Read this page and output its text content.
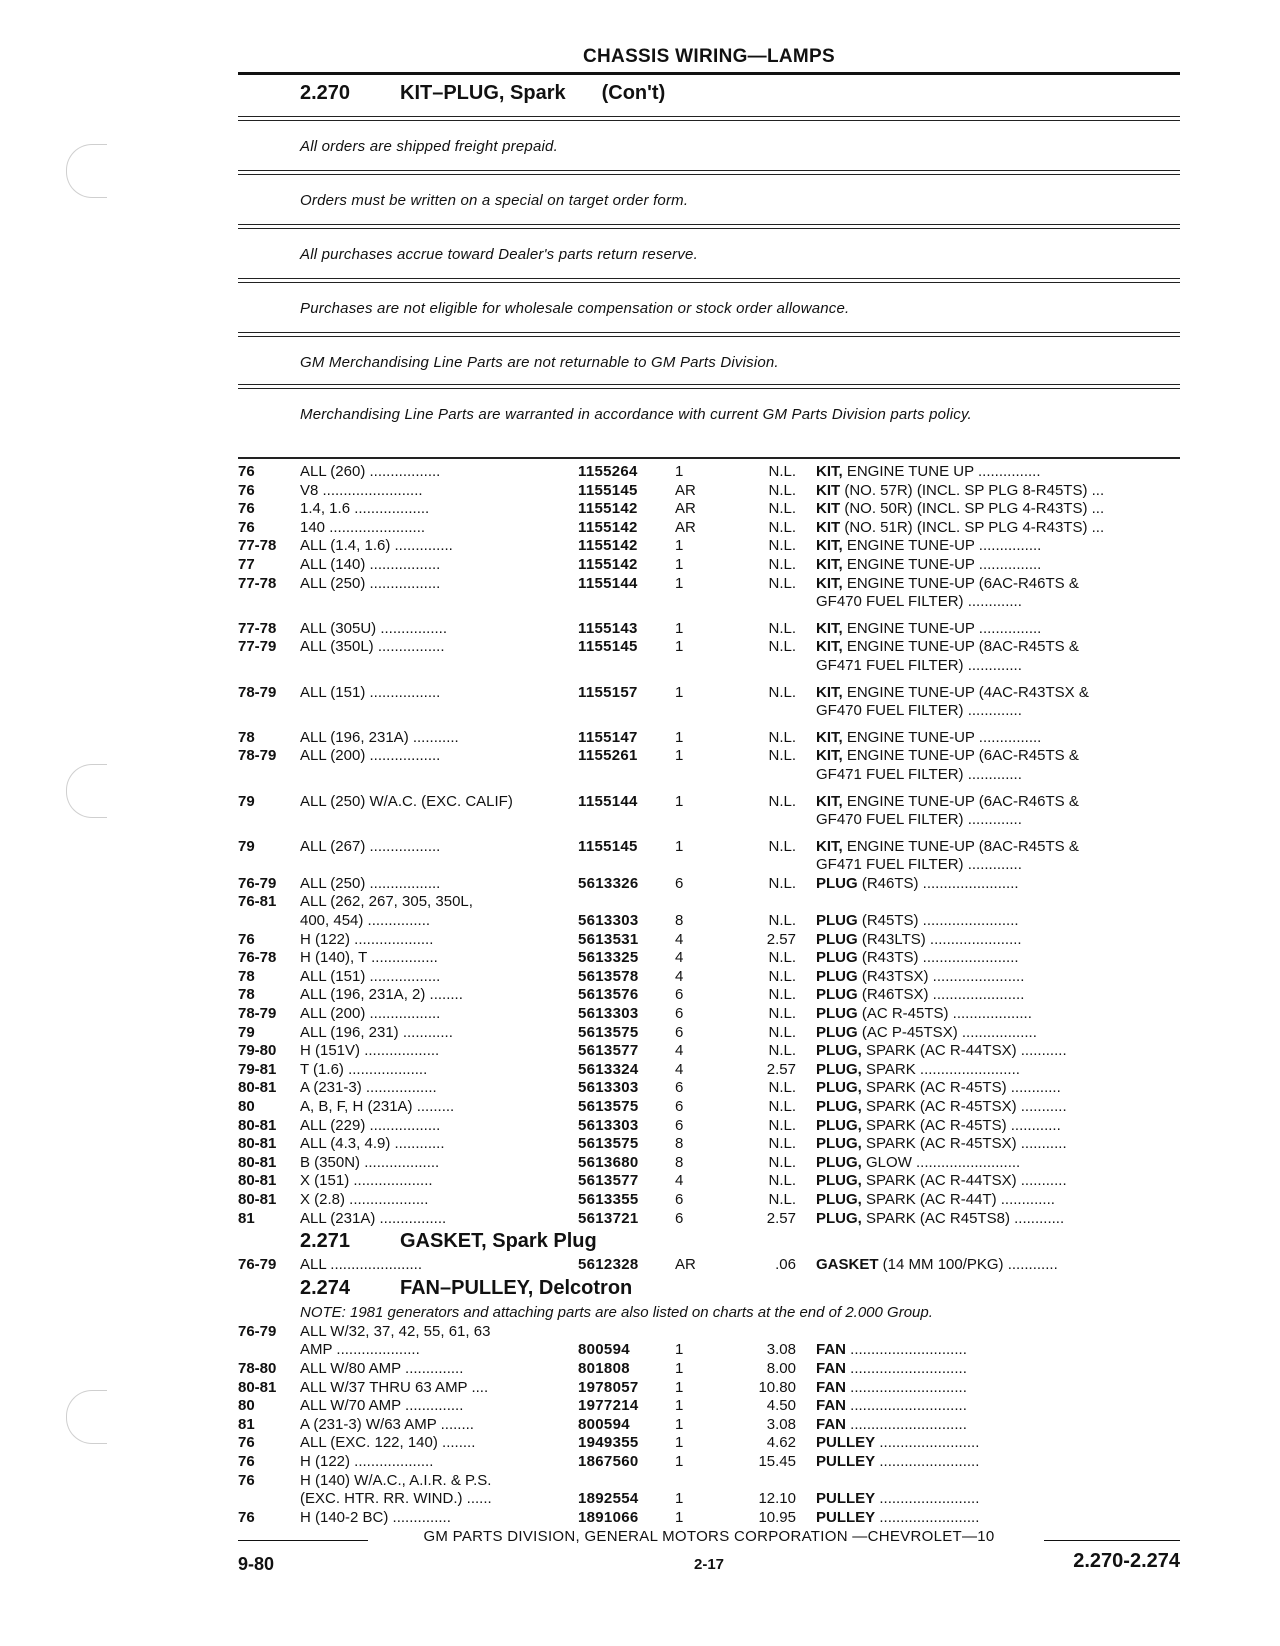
CHASSIS WIRING—LAMPS
2.270 KIT–PLUG, Spark (Con't)
All orders are shipped freight prepaid.
Orders must be written on a special on target order form.
All purchases accrue toward Dealer's parts return reserve.
Purchases are not eligible for wholesale compensation or stock order allowance.
GM Merchandising Line Parts are not returnable to GM Parts Division.
Merchandising Line Parts are warranted in accordance with current GM Parts Division parts policy.
76	ALL (260) .................	1155264	1	N.L. KIT, ENGINE TUNE UP ...............
76	V8 ........................	1155145	AR	N.L. KIT (NO. 57R) (INCL. SP PLG 8-R45TS) ...
76	1.4, 1.6 ..................	1155142	AR	N.L. KIT (NO. 50R) (INCL. SP PLG 4-R43TS) ...
76	140 .......................	1155142	AR	N.L. KIT (NO. 51R) (INCL. SP PLG 4-R43TS) ...
77-78	ALL (1.4, 1.6) ..............	1155142	1	N.L. KIT, ENGINE TUNE-UP ...............
77	ALL (140) .................	1155142	1	N.L. KIT, ENGINE TUNE-UP ...............
77-78	ALL (250) .................	1155144	1	N.L. KIT, ENGINE TUNE-UP (6AC-R46TS &
GF470 FUEL FILTER) .............
77-78	ALL (305U) ................	1155143	1	N.L. KIT, ENGINE TUNE-UP ...............
77-79	ALL (350L) ................	1155145	1	N.L. KIT, ENGINE TUNE-UP (8AC-R45TS &
GF471 FUEL FILTER) .............
78-79	ALL (151) .................	1155157	1	N.L. KIT, ENGINE TUNE-UP (4AC-R43TSX &
GF470 FUEL FILTER) .............
78	ALL (196, 231A) ...........	1155147	1	N.L. KIT, ENGINE TUNE-UP ...............
78-79	ALL (200) .................	1155261	1	N.L. KIT, ENGINE TUNE-UP (6AC-R45TS &
GF471 FUEL FILTER) .............
79	ALL (250) W/A.C. (EXC. CALIF)	1155144	1	N.L. KIT, ENGINE TUNE-UP (6AC-R46TS &
GF470 FUEL FILTER) .............
79	ALL (267) .................	1155145	1	N.L. KIT, ENGINE TUNE-UP (8AC-R45TS &
GF471 FUEL FILTER) .............
76-79	ALL (250) .................	5613326	6	N.L. PLUG (R46TS) .......................
76-81	ALL (262, 267, 305, 350L,
400, 454) ...............	5613303	8	N.L. PLUG (R45TS) .......................
76	H (122) ...................	5613531	4	2.57 PLUG (R43LTS) ......................
76-78	H (140), T ................	5613325	4	N.L. PLUG (R43TS) .......................
78	ALL (151) .................	5613578	4	N.L. PLUG (R43TSX) ......................
78	ALL (196, 231A, 2) ........	5613576	6	N.L. PLUG (R46TSX) ......................
78-79	ALL (200) .................	5613303	6	N.L. PLUG (AC R-45TS) ...................
79	ALL (196, 231) ............	5613575	6	N.L. PLUG (AC P-45TSX) ..................
79-80	H (151V) ..................	5613577	4	N.L. PLUG, SPARK (AC R-44TSX) ...........
79-81	T (1.6) ...................	5613324	4	2.57 PLUG, SPARK ........................
80-81	A (231-3) .................	5613303	6	N.L. PLUG, SPARK (AC R-45TS) ............
80	A, B, F, H (231A) .........	5613575	6	N.L. PLUG, SPARK (AC R-45TSX) ...........
80-81	ALL (229) .................	5613303	6	N.L. PLUG, SPARK (AC R-45TS) ............
80-81	ALL (4.3, 4.9) ............	5613575	8	N.L. PLUG, SPARK (AC R-45TSX) ...........
80-81	B (350N) ..................	5613680	8	N.L. PLUG, GLOW .........................
80-81	X (151) ...................	5613577	4	N.L. PLUG, SPARK (AC R-44TSX) ...........
80-81	X (2.8) ...................	5613355	6	N.L. PLUG, SPARK (AC R-44T) .............
81	ALL (231A) ................	5613721	6	2.57 PLUG, SPARK (AC R45TS8) ............
2.271 GASKET, Spark Plug
76-79	ALL ......................	5612328	AR	.06 GASKET (14 MM 100/PKG) ............
2.274 FAN–PULLEY, Delcotron
NOTE: 1981 generators and attaching parts are also listed on charts at the end of 2.000 Group.
76-79	ALL W/32, 37, 42, 55, 61, 63
AMP ....................	800594	1	3.08 FAN ............................
78-80	ALL W/80 AMP ..............	801808	1	8.00 FAN ............................
80-81	ALL W/37 THRU 63 AMP ....	1978057	1	10.80 FAN ............................
80	ALL W/70 AMP ..............	1977214	1	4.50 FAN ............................
81	A (231-3) W/63 AMP ........	800594	1	3.08 FAN ............................
76	ALL (EXC. 122, 140) ........	1949355	1	4.62 PULLEY ........................
76	H (122) ...................	1867560	1	15.45 PULLEY ........................
76	H (140) W/A.C., A.I.R. & P.S.
(EXC. HTR. RR. WIND.) ......	1892554	1	12.10 PULLEY ........................
76	H (140-2 BC) ..............	1891066	1	10.95 PULLEY ........................
GM PARTS DIVISION, GENERAL MOTORS CORPORATION —CHEVROLET—10
9-80	2-17	2.270-2.274
